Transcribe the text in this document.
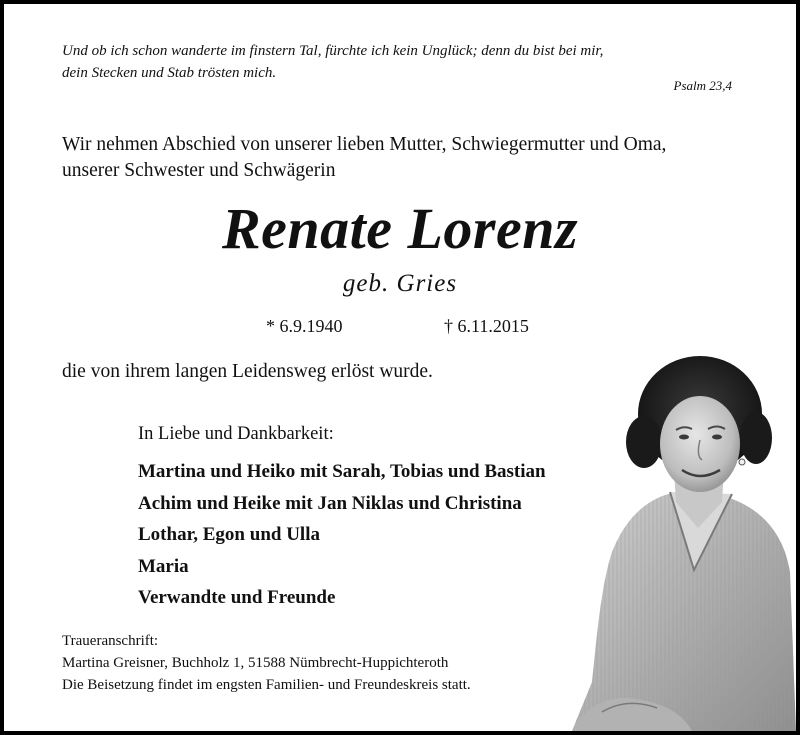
Und ob ich schon wanderte im finstern Tal, fürchte ich kein Unglück; denn du bist bei mir,
dein Stecken und Stab trösten mich.
Psalm 23,4
Wir nehmen Abschied von unserer lieben Mutter, Schwiegermutter und Oma,
unserer Schwester und Schwägerin
Renate Lorenz
geb. Gries
* 6.9.1940	† 6.11.2015
die von ihrem langen Leidensweg erlöst wurde.
In Liebe und Dankbarkeit:
Martina und Heiko mit Sarah, Tobias und Bastian
Achim und Heike mit Jan Niklas und Christina
Lothar, Egon und Ulla
Maria
Verwandte und Freunde
Traueranschrift:
Martina Greisner, Buchholz 1, 51588 Nümbrecht-Huppichteroth
Die Beisetzung findet im engsten Familien- und Freundeskreis statt.
